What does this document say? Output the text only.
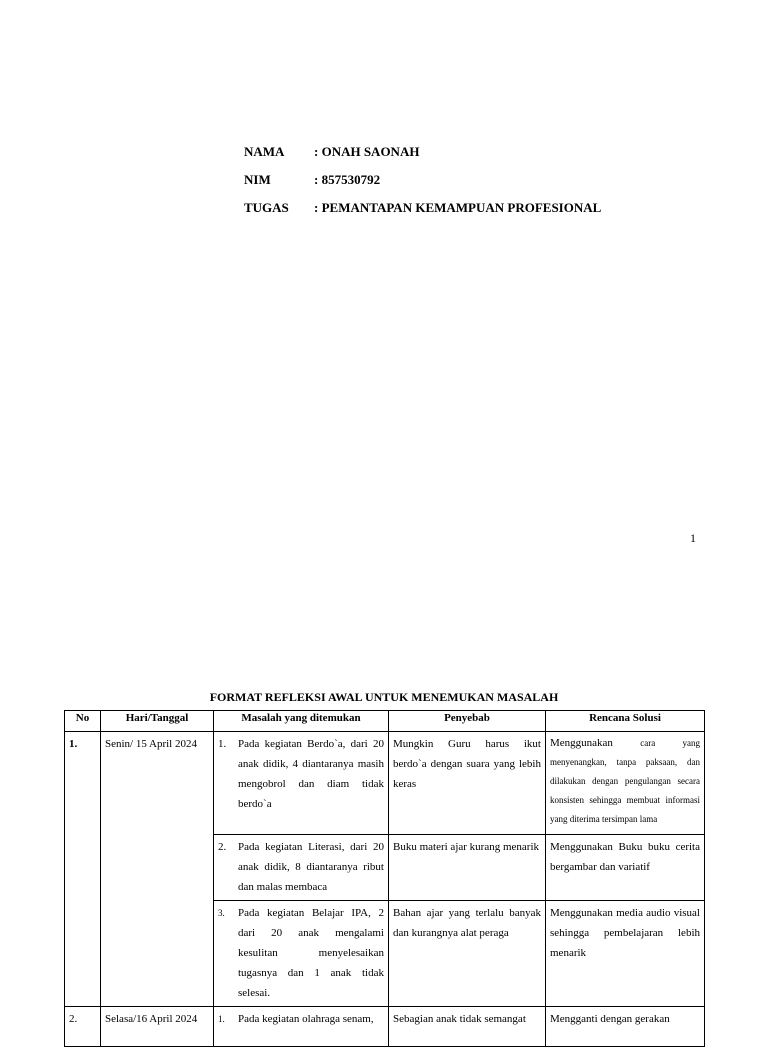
NAMA	: ONAH SAONAH
NIM	: 857530792
TUGAS	: PEMANTAPAN KEMAMPUAN PROFESIONAL
1
FORMAT REFLEKSI AWAL UNTUK MENEMUKAN MASALAH
No	Hari/Tanggal	Masalah yang ditemukan	Penyebab	Rencana Solusi
1.	Senin/ 15 April 2024	1. Pada kegiatan Berdo`a, dari 20 anak didik, 4 diantaranya masih mengobrol dan diam tidak berdo`a	Mungkin Guru harus ikut berdo`a dengan suara yang lebih keras	Menggunakan cara yang menyenangkan, tanpa paksaan, dan dilakukan dengan pengulangan secara konsisten sehingga membuat informasi yang diterima tersimpan lama

		2. Pada kegiatan Literasi, dari 20 anak didik, 8 diantaranya ribut dan malas membaca	Buku materi ajar kurang menarik	Menggunakan Buku buku cerita bergambar dan variatif

		3. Pada kegiatan Belajar IPA, 2 dari 20 anak mengalami kesulitan menyelesaikan tugasnya dan 1 anak tidak selesai.	Bahan ajar yang terlalu banyak dan kurangnya alat peraga	Menggunakan media audio visual sehingga pembelajaran lebih menarik
2.	Selasa/16 April 2024	1. Pada kegiatan olahraga senam,	Sebagian anak tidak semangat	Mengganti dengan gerakan
